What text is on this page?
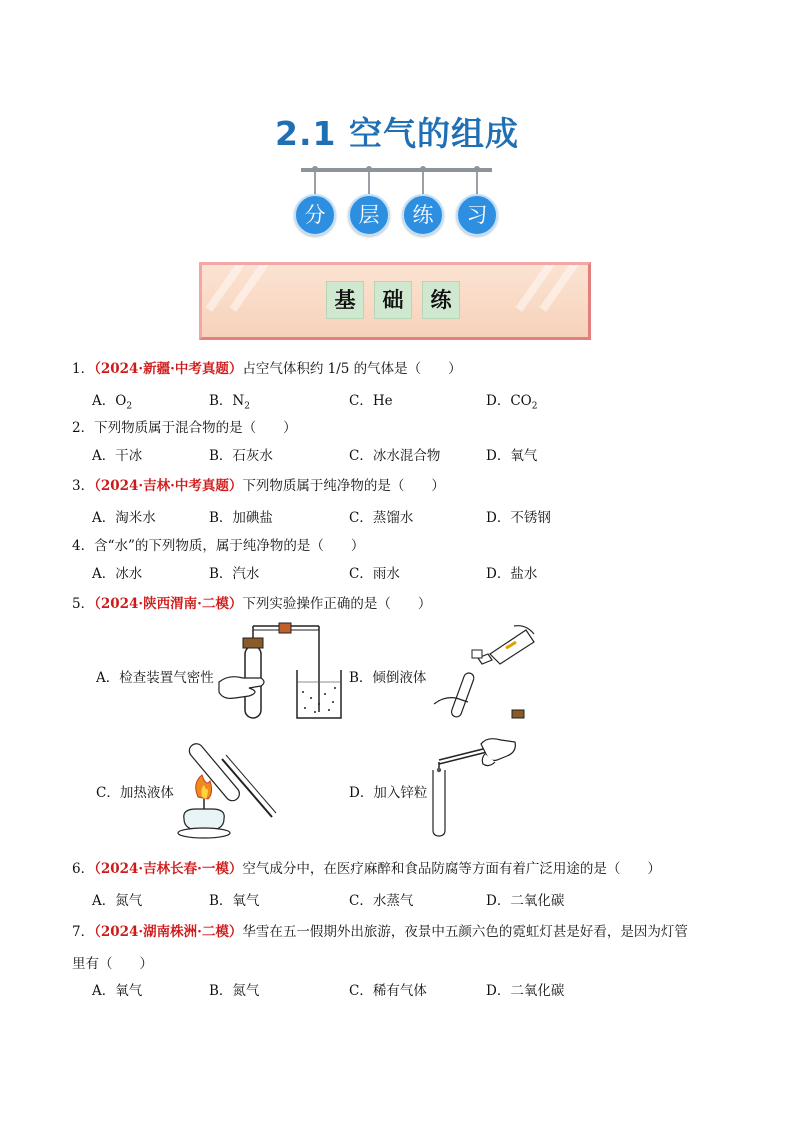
2.1 空气的组成
分	层	练	习
基	础	练
1．（2024·新疆·中考真题）占空气体积约 1/5 的气体是（　　）
A．$O_2$	B．$N_2$	C．He	D．$CO_2$
2．下列物质属于混合物的是（　　）
A．干冰	B．石灰水	C．冰水混合物	D．氧气
3．（2024·吉林·中考真题）下列物质属于纯净物的是（　　）
A．淘米水	B．加碘盐	C．蒸馏水	D．不锈钢
4．含“水”的下列物质，属于纯净物的是（　　）
A．冰水	B．汽水	C．雨水	D．盐水
5．（2024·陕西渭南·二模）下列实验操作正确的是（　　）
A．检查装置气密性	B．倾倒液体
C．加热液体	D．加入锌粒
6．（2024·吉林长春·一模）空气成分中，在医疗麻醉和食品防腐等方面有着广泛用途的是（　　）
A．氮气	B．氧气	C．水蒸气	D．二氧化碳
7．（2024·湖南株洲·二模）华雪在五一假期外出旅游，夜景中五颜六色的霓虹灯甚是好看，是因为灯管
里有（　　）
A．氧气	B．氮气	C．稀有气体	D．二氧化碳
